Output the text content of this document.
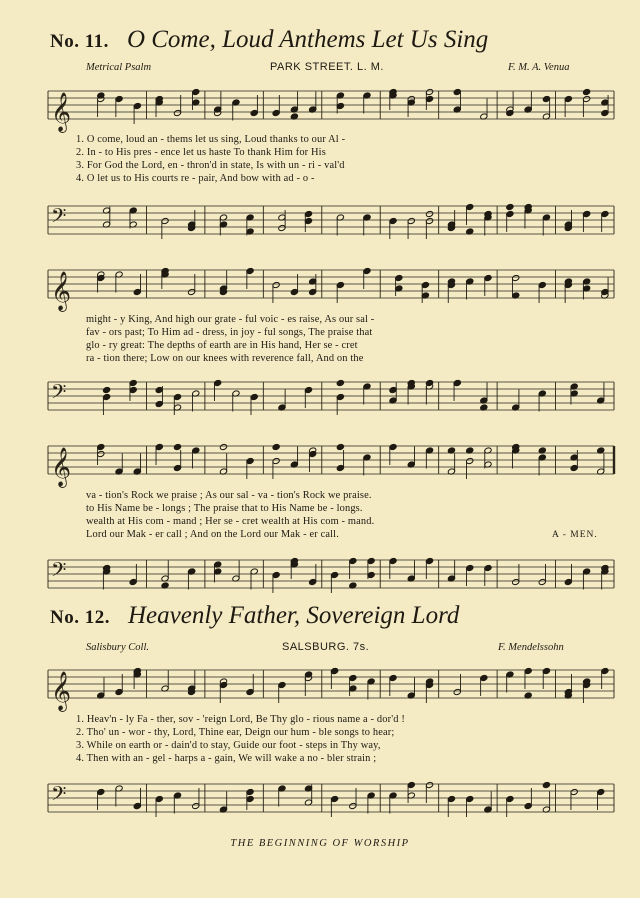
No. 11. O Come, Loud Anthems Let Us Sing
Metrical Psalm	PARK STREET. L. M.	F. M. A. Venua
𝄞
1. O come, loud an - thems let us sing, Loud thanks to our Al -
2. In - to His pres - ence let us haste To thank Him for His
3. For God the Lord, en - thron'd in state, Is with un - ri - val'd
4. O let us to His courts re - pair, And bow with ad - o -
𝄢
𝄞
might - y King, And high our grate - ful voic - es raise, As our sal -
fav - ors past; To Him ad - dress, in joy - ful songs, The praise that
glo - ry great: The depths of earth are in His hand, Her se - cret
ra - tion there; Low on our knees with reverence fall, And on the
𝄢
𝄞
va - tion's Rock we praise ; As our sal - va - tion's Rock we praise.
to His Name be - longs ; The praise that to His Name be - longs.
wealth at His com - mand ; Her se - cret wealth at His com - mand.
Lord our Mak - er call ; And on the Lord our Mak - er call.	A - MEN.
𝄢
No. 12. Heavenly Father, Sovereign Lord
Salisbury Coll.	SALSBURG. 7s.	F. Mendelssohn
𝄞
1. Heav'n - ly Fa - ther, sov - 'reign Lord, Be Thy glo - rious name a - dor'd !
2. Tho' un - wor - thy, Lord, Thine ear, Deign our hum - ble songs to hear;
3. While on earth or - dain'd to stay, Guide our foot - steps in Thy way,
4. Then with an - gel - harps a - gain, We will wake a no - bler strain ;
𝄢
THE BEGINNING OF WORSHIP
